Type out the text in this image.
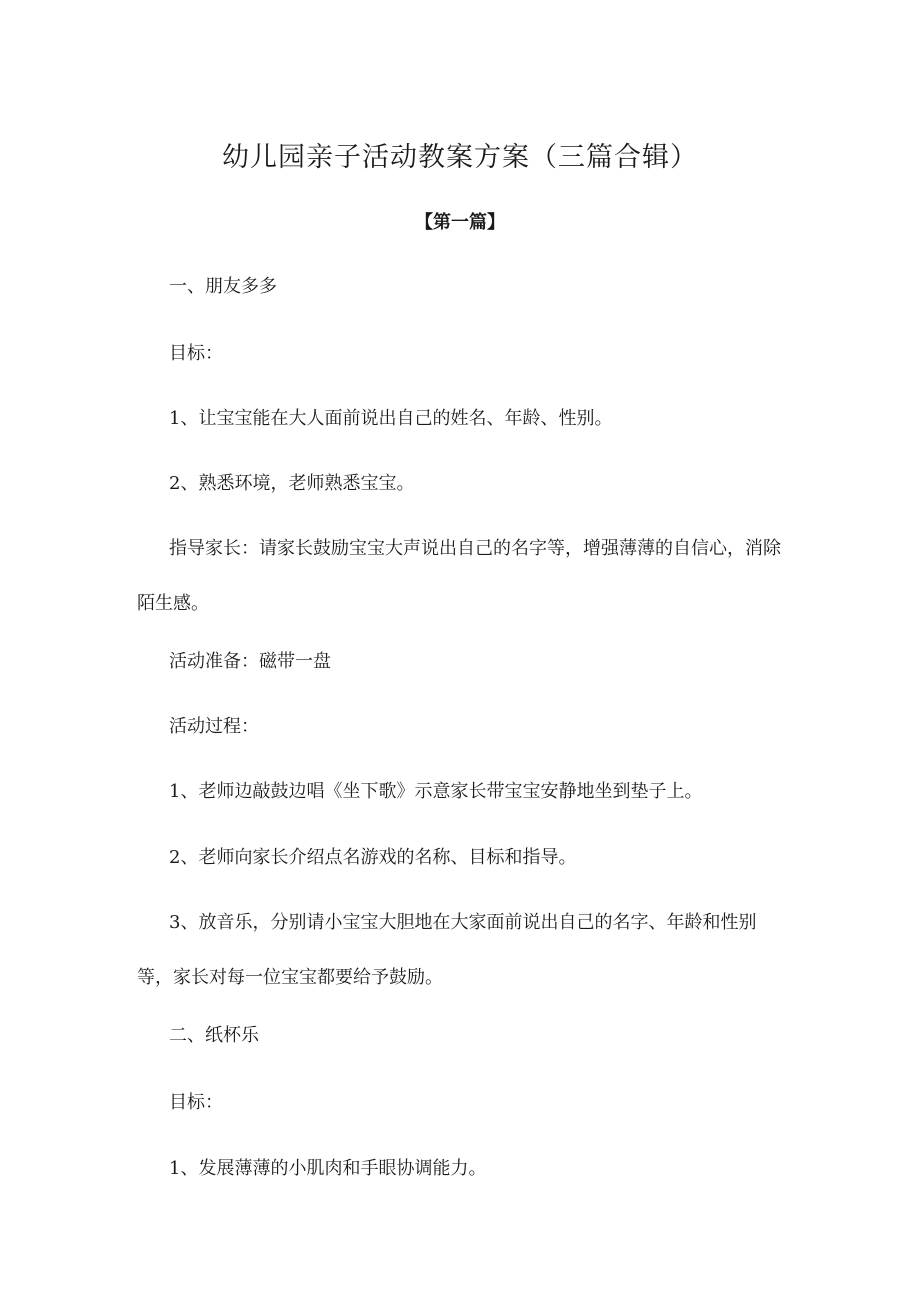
幼儿园亲子活动教案方案（三篇合辑）
【第一篇】

一、朋友多多

目标：

1、让宝宝能在大人面前说出自己的姓名、年龄、性别。

2、熟悉环境，老师熟悉宝宝。

指导家长：请家长鼓励宝宝大声说出自己的名字等，增强薄薄的自信心，消除陌生感。

活动准备：磁带一盘

活动过程：

1、老师边敲鼓边唱《坐下歌》示意家长带宝宝安静地坐到垫子上。

2、老师向家长介绍点名游戏的名称、目标和指导。

3、放音乐，分别请小宝宝大胆地在大家面前说出自己的名字、年龄和性别等，家长对每一位宝宝都要给予鼓励。

二、纸杯乐

目标：

1、发展薄薄的小肌肉和手眼协调能力。
